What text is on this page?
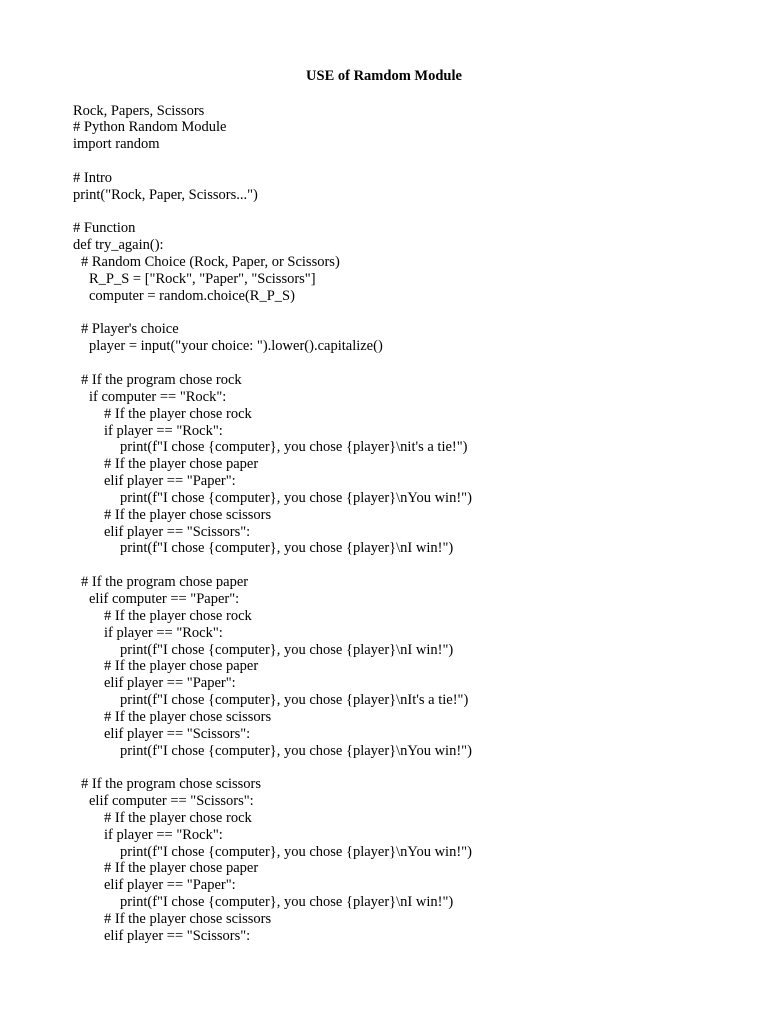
USE of Ramdom Module
Rock, Papers, Scissors
# Python Random Module
import random
# Intro
print("Rock, Paper, Scissors...")
# Function
def try_again():
# Random Choice (Rock, Paper, or Scissors)
R_P_S = ["Rock", "Paper", "Scissors"]
computer = random.choice(R_P_S)
# Player's choice
player = input("your choice: ").lower().capitalize()
# If the program chose rock
if computer == "Rock":
# If the player chose rock
if player == "Rock":
print(f"I chose {computer}, you chose {player}\nit's a tie!")
# If the player chose paper
elif player == "Paper":
print(f"I chose {computer}, you chose {player}\nYou win!")
# If the player chose scissors
elif player == "Scissors":
print(f"I chose {computer}, you chose {player}\nI win!")
# If the program chose paper
elif computer == "Paper":
# If the player chose rock
if player == "Rock":
print(f"I chose {computer}, you chose {player}\nI win!")
# If the player chose paper
elif player == "Paper":
print(f"I chose {computer}, you chose {player}\nIt's a tie!")
# If the player chose scissors
elif player == "Scissors":
print(f"I chose {computer}, you chose {player}\nYou win!")
# If the program chose scissors
elif computer == "Scissors":
# If the player chose rock
if player == "Rock":
print(f"I chose {computer}, you chose {player}\nYou win!")
# If the player chose paper
elif player == "Paper":
print(f"I chose {computer}, you chose {player}\nI win!")
# If the player chose scissors
elif player == "Scissors":
